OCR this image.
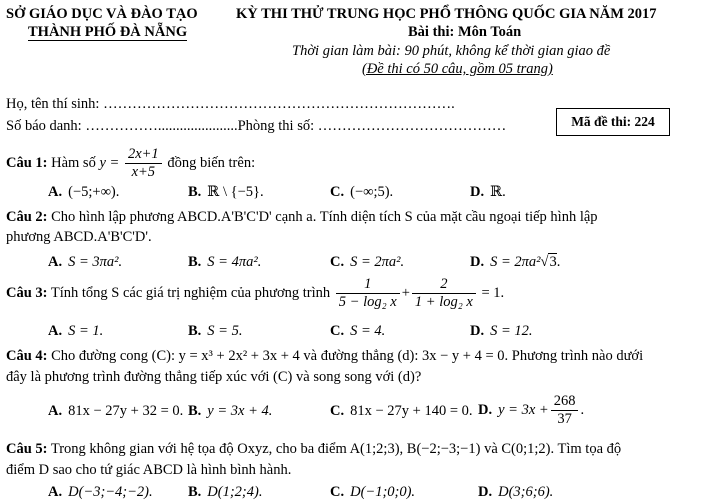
SỞ GIÁO DỤC VÀ ĐÀO TẠO
THÀNH PHỐ ĐÀ NẴNG
KỲ THI THỬ TRUNG HỌC PHỔ THÔNG QUỐC GIA NĂM 2017
Bài thi: Môn Toán
Thời gian làm bài: 90 phút, không kể thời gian giao đề
(Đề thi có 50 câu, gồm 05 trang)
Họ, tên thí sinh: ……………………………………………………………….
Số báo danh: ……………......................Phòng thi số: …………………………………	Mã đề thi: 224
Câu 1: Hàm số $y = \frac{2x+1}{x+5}$ đồng biến trên:
A. (−5;+∞).	B. ℝ \ {−5}.	C. (−∞;5).	D. ℝ.
Câu 2: Cho hình lập phương ABCD.A'B'C'D' cạnh a. Tính diện tích S của mặt cầu ngoại tiếp hình lập
phương ABCD.A'B'C'D'.
A. S = 3πa².	B. S = 4πa².	C. S = 2πa².	D. S = 2πa²√3.
Câu 3: Tính tổng S các giá trị nghiệm của phương trình $\frac{1}{\text{5 − log₂ x}} + \frac{2}{\text{1 + log₂ x}} = 1$.
A. S = 1.	B. S = 5.	C. S = 4.	D. S = 12.
Câu 4: Cho đường cong (C): y = x³ + 2x² + 3x + 4 và đường thẳng (d): 3x − y + 4 = 0. Phương trình nào dưới
đây là phương trình đường thẳng tiếp xúc với (C) và song song với (d)?
A. 81x − 27y + 32 = 0. B. y = 3x + 4.	C. 81x − 27y + 140 = 0. D. $y = 3x + \frac{268}{37}$ .
Câu 5: Trong không gian với hệ tọa độ Oxyz, cho ba điểm A(1;2;3), B(−2;−3;−1) và C(0;1;2). Tìm tọa độ
điểm D sao cho tứ giác ABCD là hình bình hành.
A. D(−3;−4;−2). B. D(1;2;4).	C. D(−1;0;0).	D. D(3;6;6).
